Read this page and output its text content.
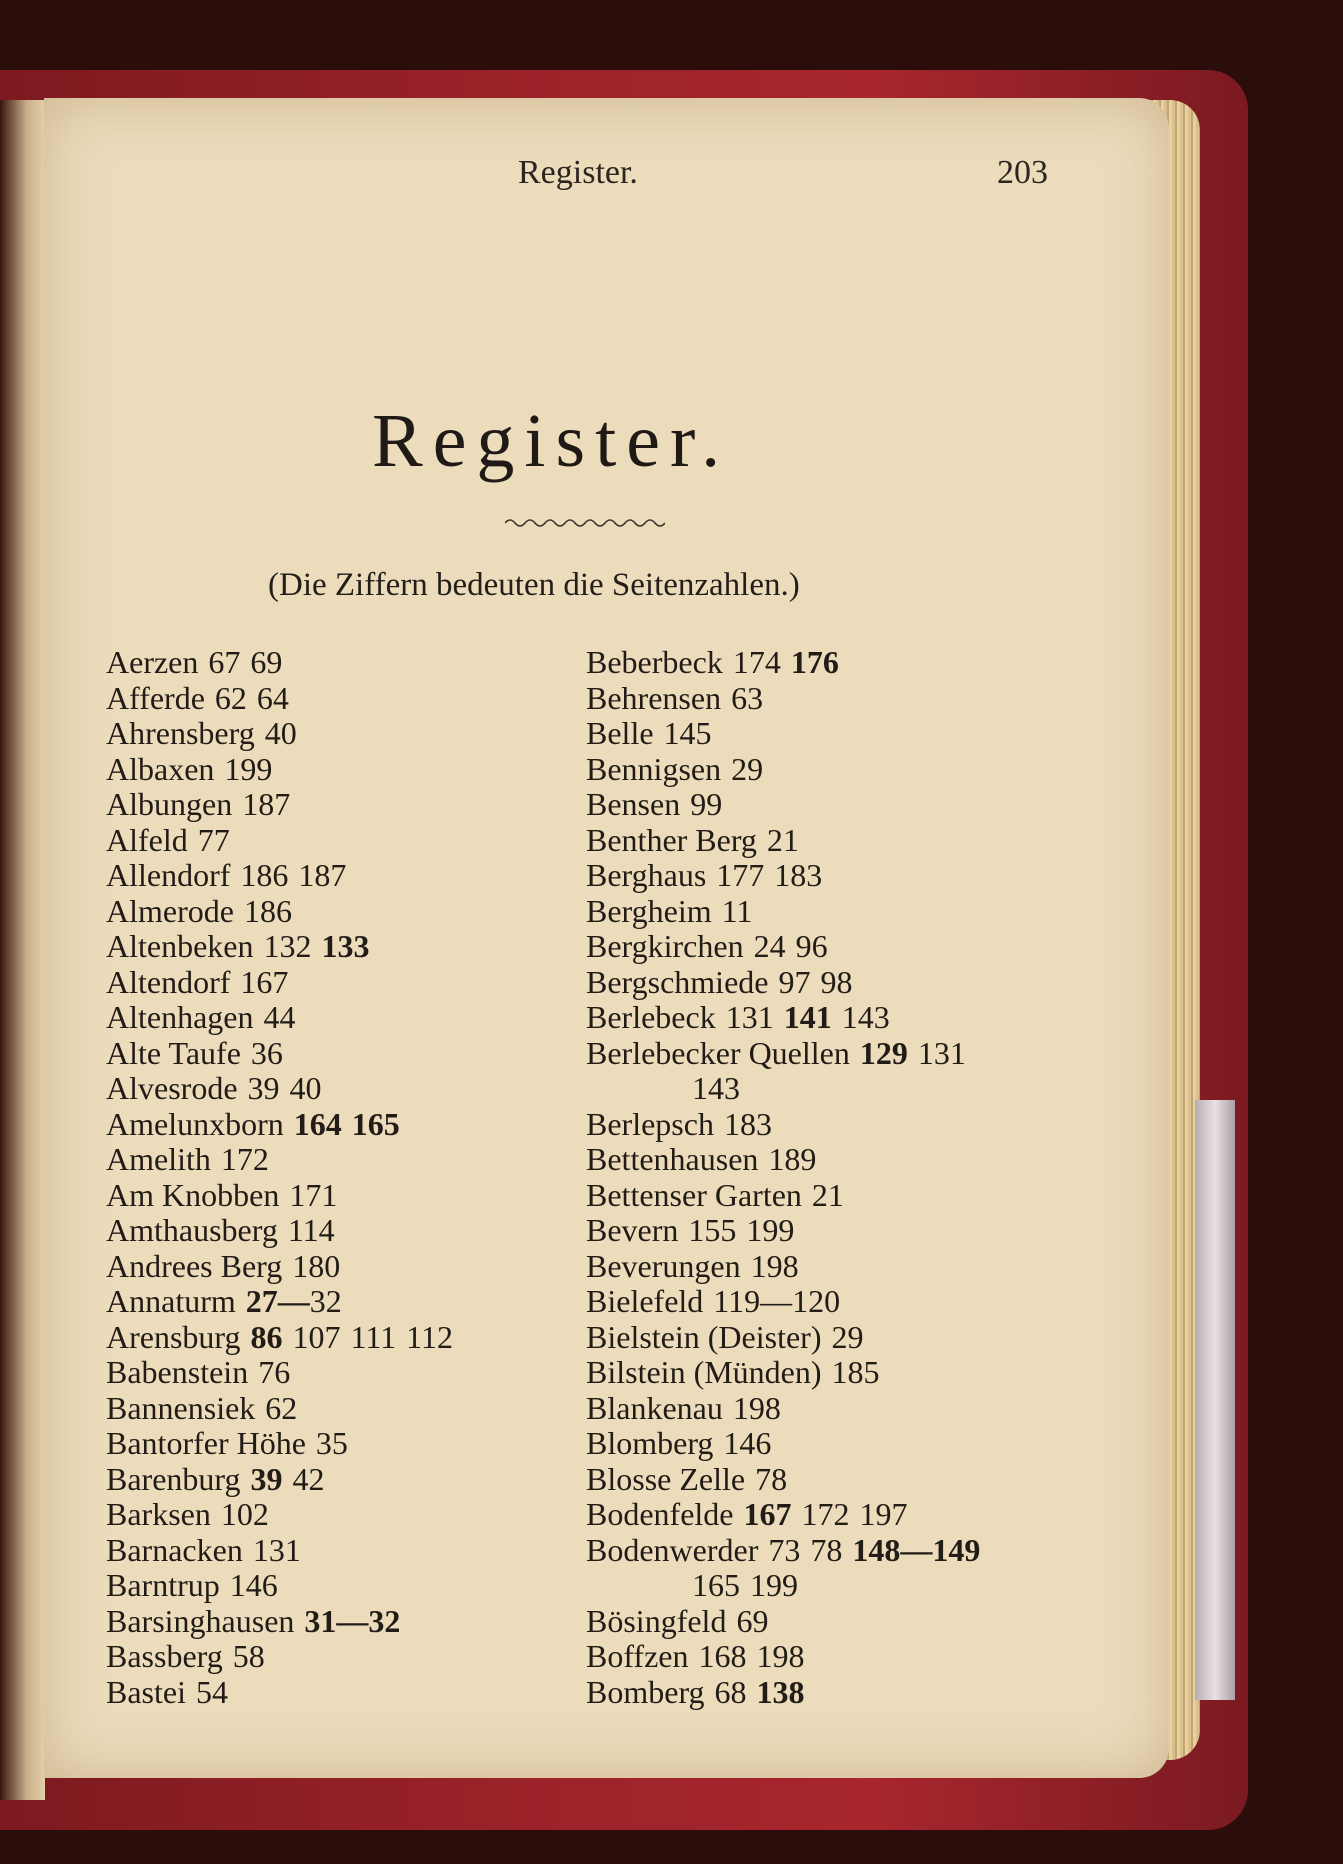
Register.	203
Register.
(Die Ziffern bedeuten die Seitenzahlen.)
Aerzen 67 69
Afferde 62 64
Ahrensberg 40
Albaxen 199
Albungen 187
Alfeld 77
Allendorf 186 187
Almerode 186
Altenbeken 132 133
Altendorf 167
Altenhagen 44
Alte Taufe 36
Alvesrode 39 40
Amelunxborn 164 165
Amelith 172
Am Knobben 171
Amthausberg 114
Andrees Berg 180
Annaturm 27—32
Arensburg 86 107 111 112
Babenstein 76
Bannensiek 62
Bantorfer Höhe 35
Barenburg 39 42
Barksen 102
Barnacken 131
Barntrup 146
Barsinghausen 31—32
Bassberg 58
Bastei 54
Beberbeck 174 176
Behrensen 63
Belle 145
Bennigsen 29
Bensen 99
Benther Berg 21
Berghaus 177 183
Bergheim 11
Bergkirchen 24 96
Bergschmiede 97 98
Berlebeck 131 141 143
Berlebecker Quellen 129 131
143
Berlepsch 183
Bettenhausen 189
Bettenser Garten 21
Bevern 155 199
Beverungen 198
Bielefeld 119—120
Bielstein (Deister) 29
Bilstein (Münden) 185
Blankenau 198
Blomberg 146
Blosse Zelle 78
Bodenfelde 167 172 197
Bodenwerder 73 78 148—149
165 199
Bösingfeld 69
Boffzen 168 198
Bomberg 68 138
